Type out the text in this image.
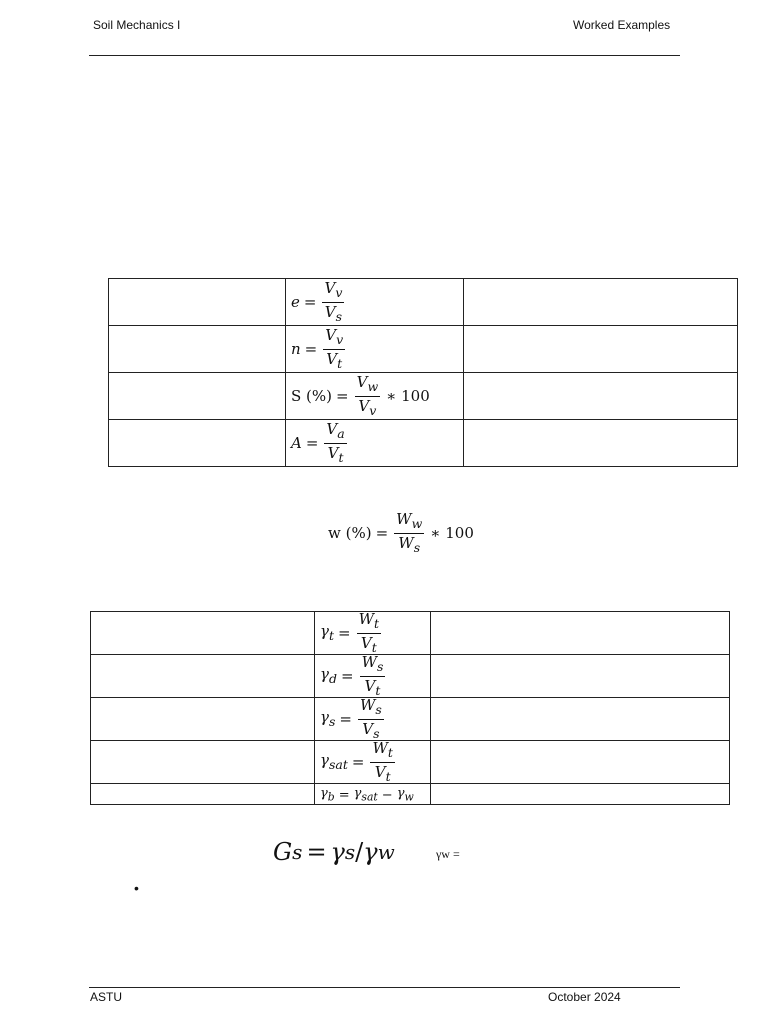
Soil Mechanics I	Worked Examples

	$e = \frac{V_v}{V_s}$

	$n = \frac{V_v}{V_t}$

	S (%) = $\frac{V_w}{V_v}$ ∗ 100	

	$A = \frac{V_a}{V_t}$

w (%) = $\frac{W_w}{W_s}$ ∗ 100

	$\gamma_t = \frac{W_t}{V_t}$

	$\gamma_d = \frac{W_s}{V_t}$

	$\gamma_s = \frac{W_s}{V_s}$

	$\gamma_{sat} = \frac{W_t}{V_t}$

	$\gamma_b = \gamma_{sat} - \gamma_w$

G s = γ s / γ w	γw =
•
ASTU	October 2024
